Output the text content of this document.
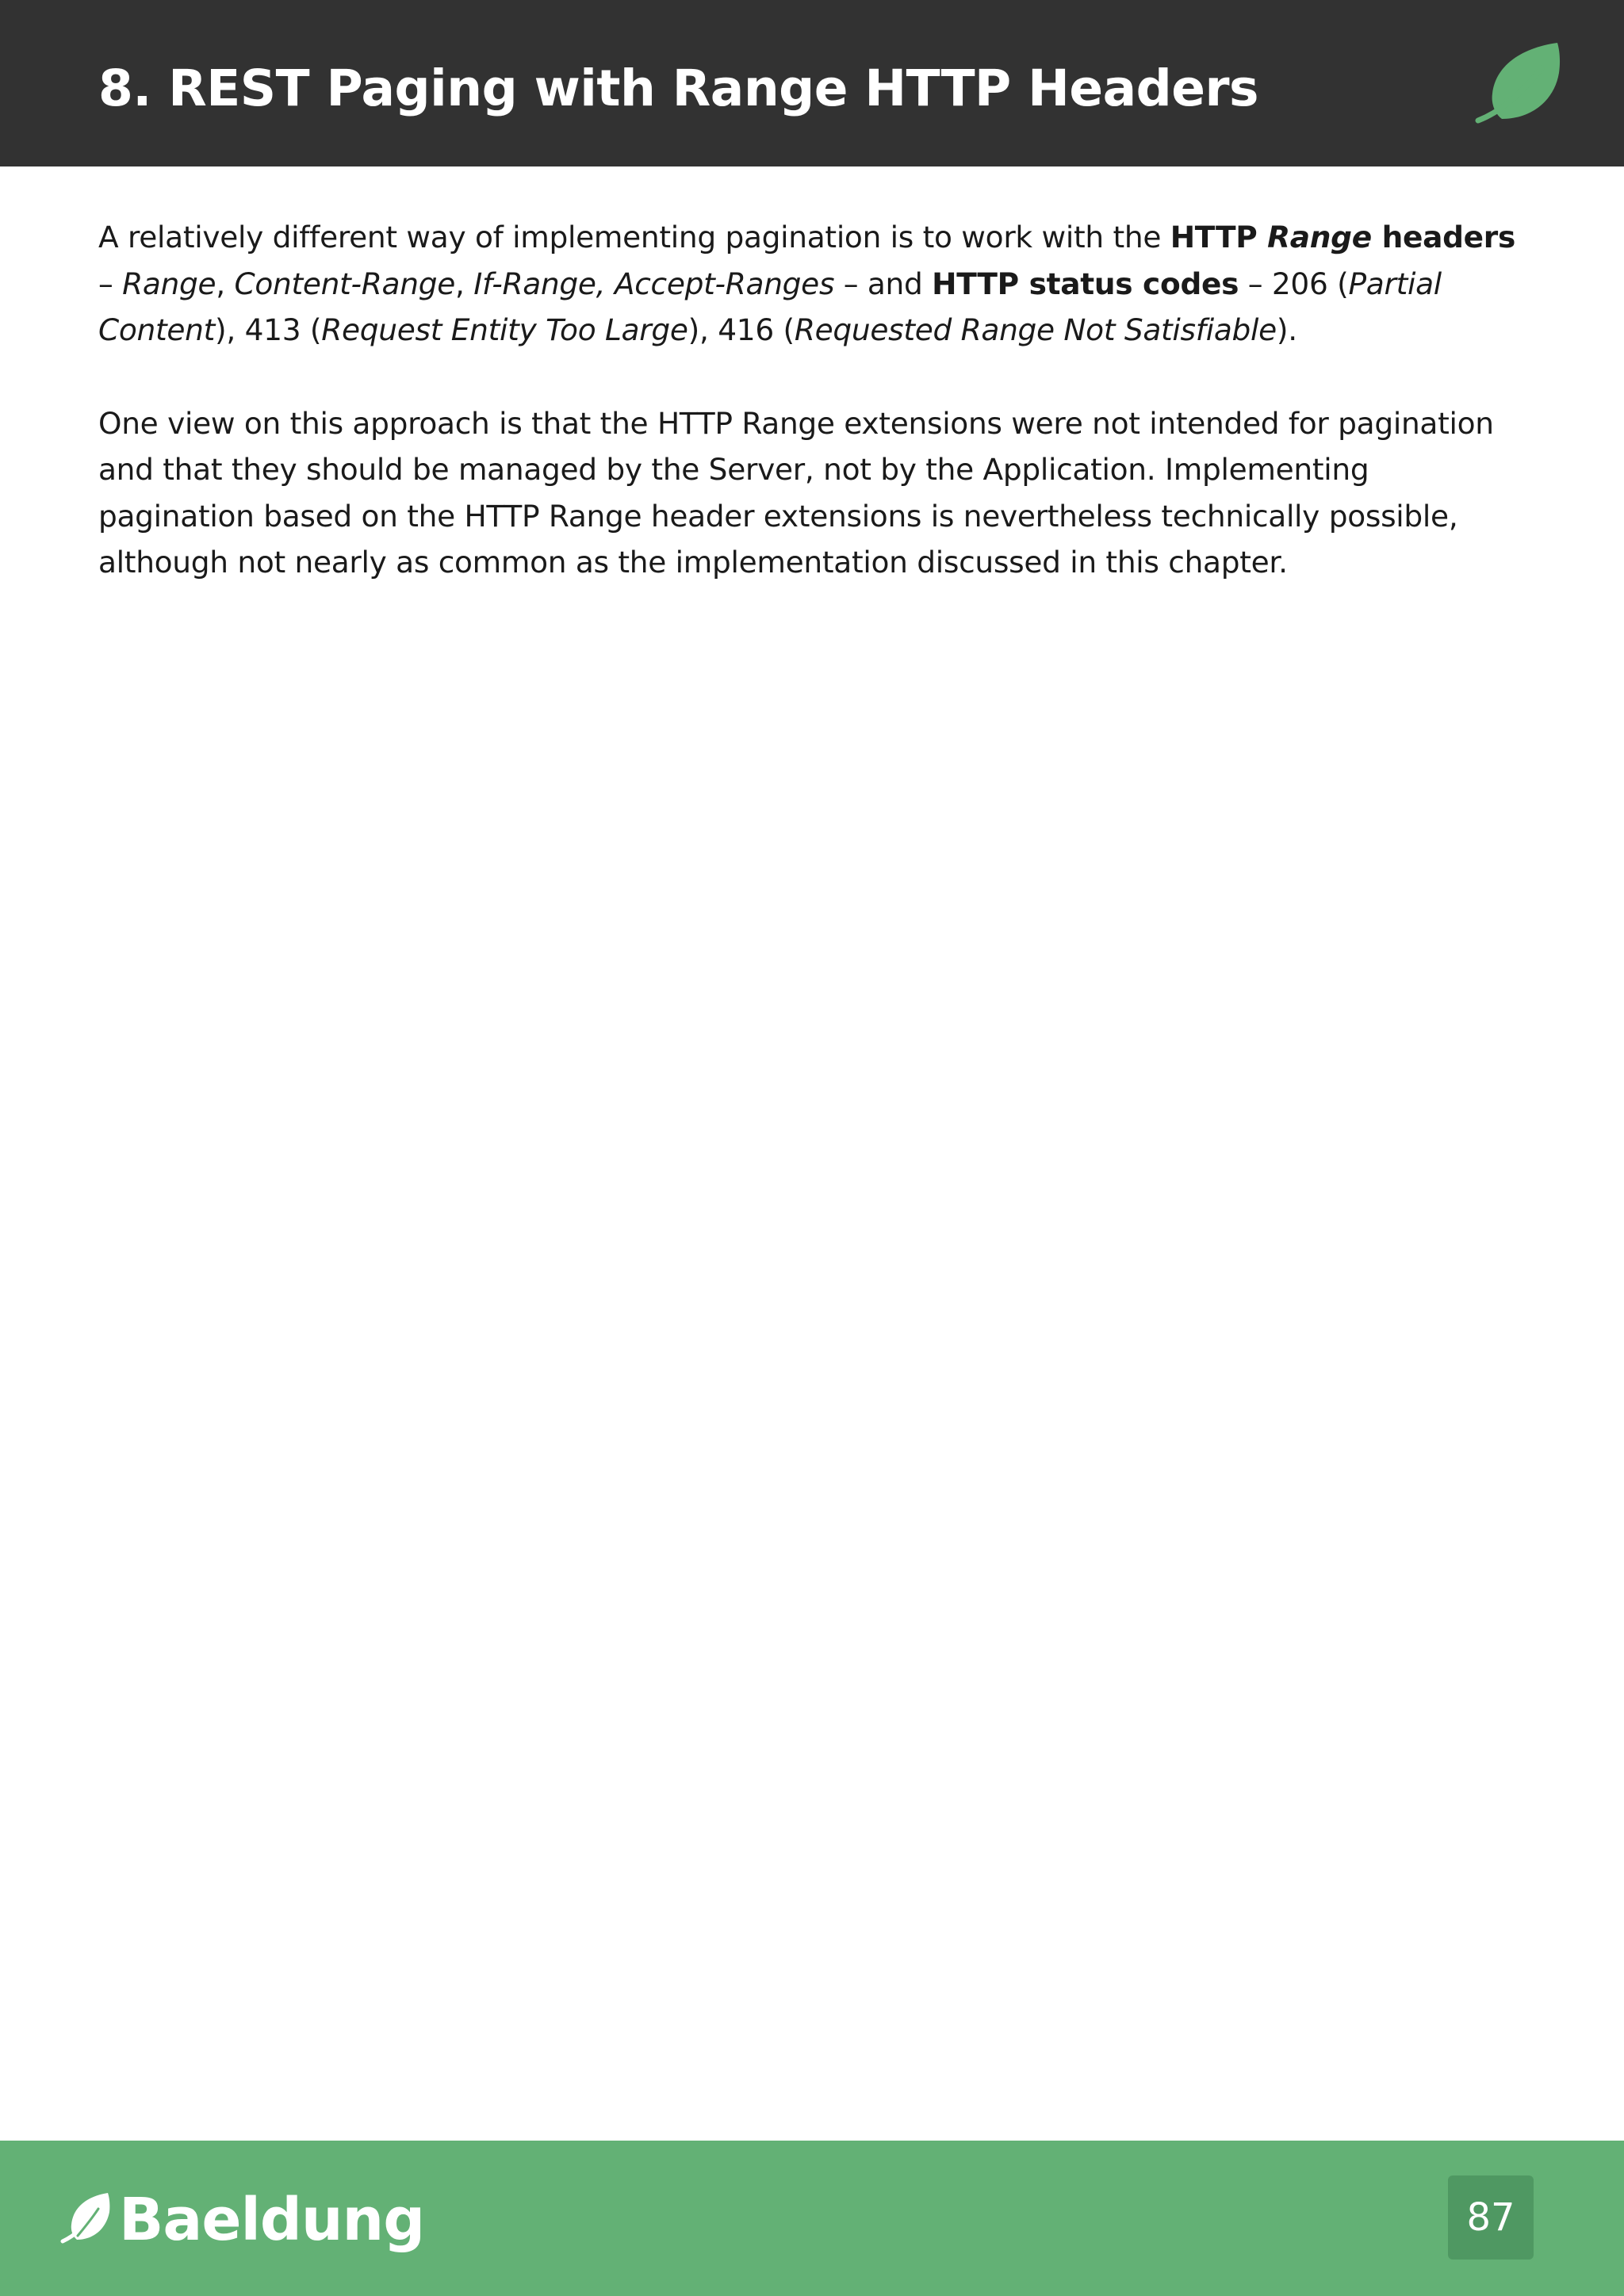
8. REST Paging with Range HTTP Headers

A relatively different way of implementing pagination is to work with the HTTP Range headers – Range, Content-Range, If-Range, Accept-Ranges – and HTTP status codes – 206 (Partial Content), 413 (Request Entity Too Large), 416 (Requested Range Not Satisfiable).

One view on this approach is that the HTTP Range extensions were not intended for pagination and that they should be managed by the Server, not by the Application. Implementing pagination based on the HTTP Range header extensions is nevertheless technically possible, although not nearly as common as the implementation discussed in this chapter.

Baeldung	87
